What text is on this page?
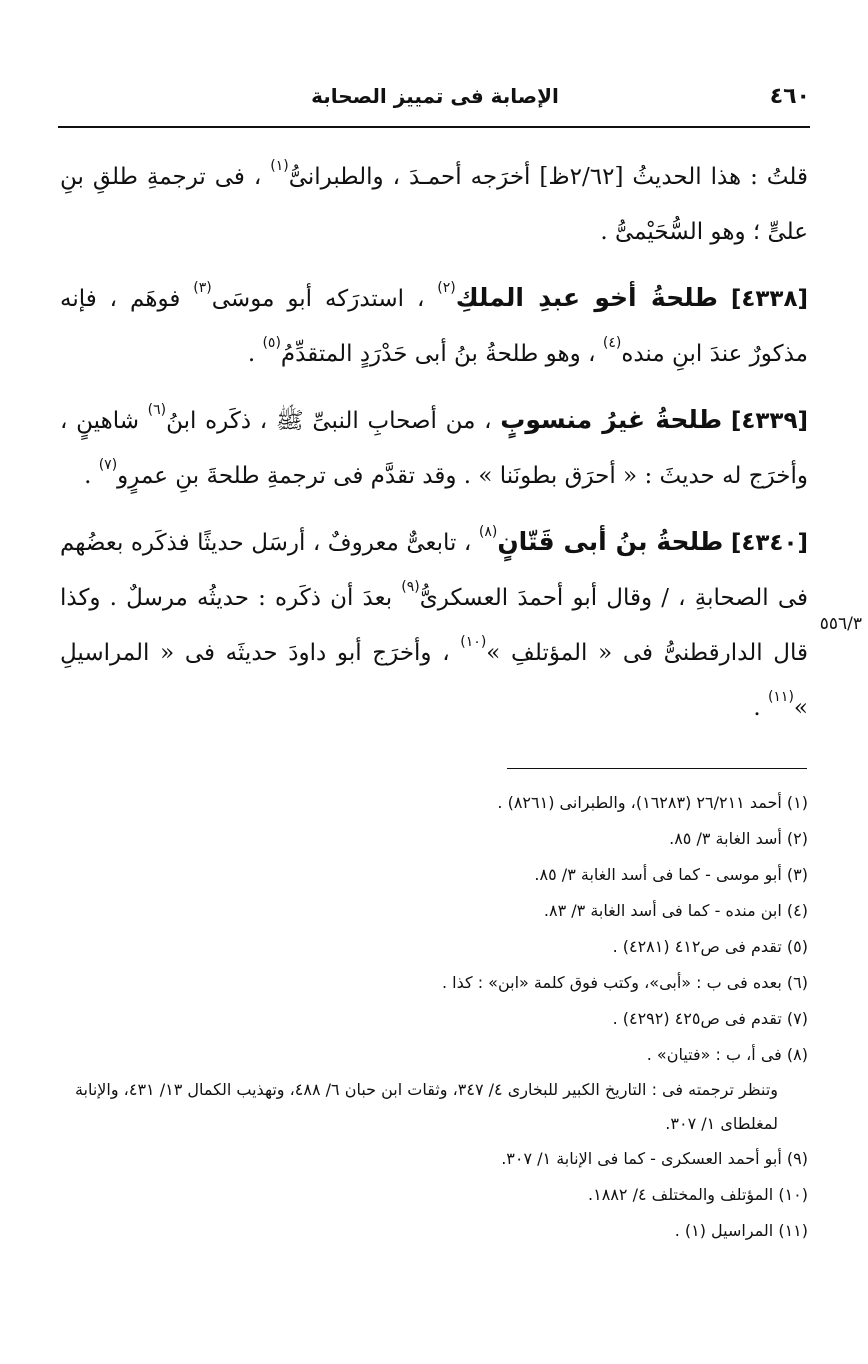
٤٦٠
الإصابة فى تمييز الصحابة

قلتُ : هذا الحديثُ [٢/٦٢ظ] أخرَجه أحمـدَ ، والطبرانىُّ$^{(١)}$ ، فى ترجمةِ طلقِ بنِ علىٍّ ؛ وهو السُّحَيْمىُّ .

[٤٣٣٨] طلحةُ أخو عبدِ الملكِ$^{(٢)}$ ، استدرَكه أبو موسَى$^{(٣)}$ فوهَم ، فإنه مذكورٌ عندَ ابنِ منده$^{(٤)}$ ، وهو طلحةُ بنُ أبى حَدْرَدٍ المتقدِّمُ$^{(٥)}$ .

[٤٣٣٩] طلحةُ غيرُ منسوبٍ ، من أصحابِ النبىِّ ﷺ ، ذكَره ابنُ$^{(٦)}$ شاهينٍ ، وأخرَج له حديثَ : « أحرَق بطونَنا » . وقد تقدَّم فى ترجمةِ طلحةَ بنِ عمرٍو$^{(٧)}$ .

[٤٣٤٠] طلحةُ بنُ أبى قَتّانٍ$^{(٨)}$ ، تابعىٌّ معروفٌ ، أرسَل حديثًا فذكَره بعضُهم فى الصحابةِ ، / وقال أبو أحمدَ العسكرىُّ$^{(٩)}$ بعدَ أن ذكَره : حديثُه مرسلٌ . وكذا قال الدارقطنىُّ فى « المؤتلفِ »$^{(١٠)}$ ، وأخرَج أبو داودَ حديثَه فى « المراسيلِ »$^{(١١)}$ .

٥٥٦/٣

(١) أحمد ٢٦/٢١١ (١٦٢٨٣)، والطبرانى (٨٢٦١) .

(٢) أسد الغابة ٣/ ٨٥.

(٣) أبو موسى - كما فى أسد الغابة ٣/ ٨٥.

(٤) ابن منده - كما فى أسد الغابة ٣/ ٨٣.

(٥) تقدم فى ص٤١٢ (٤٢٨١) .

(٦) بعده فى ب : «أبى»، وكتب فوق كلمة «ابن» : كذا .

(٧) تقدم فى ص٤٢٥ (٤٢٩٢) .

(٨) فى أ، ب : «فتيان» .

وتنظر ترجمته فى : التاريخ الكبير للبخارى ٤/ ٣٤٧، وثقات ابن حبان ٦/ ٤٨٨، وتهذيب الكمال ١٣/ ٤٣١، والإنابة لمغلطاى ١/ ٣٠٧.

(٩) أبو أحمد العسكرى - كما فى الإنابة ١/ ٣٠٧.

(١٠) المؤتلف والمختلف ٤/ ١٨٨٢.

(١١) المراسيل (١) .
